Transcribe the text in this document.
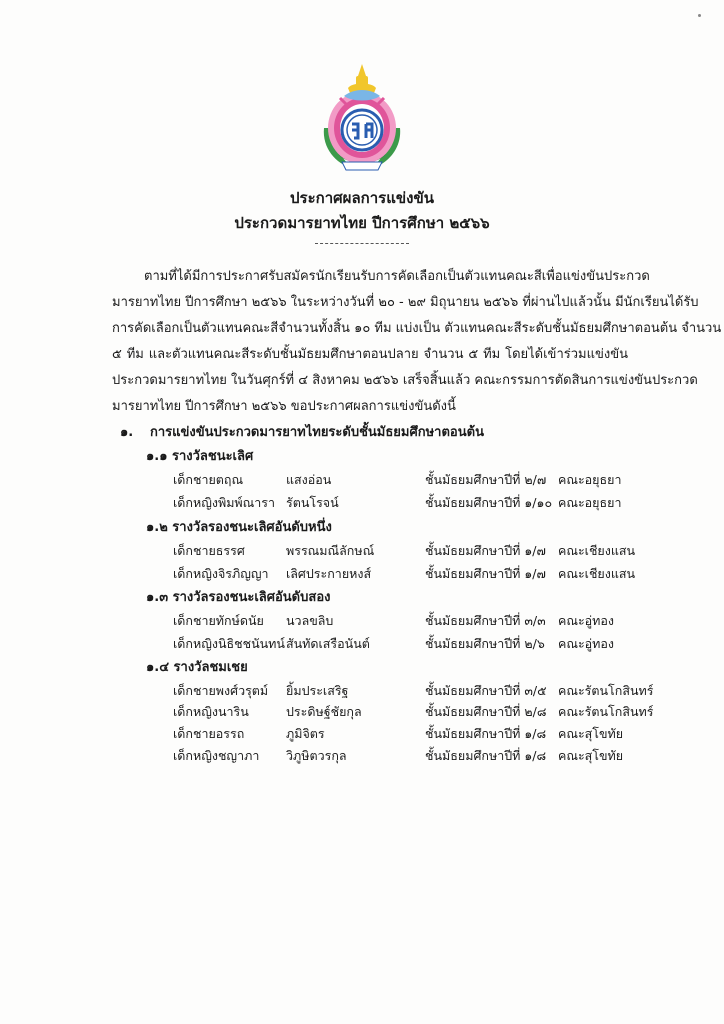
ประกาศผลการแข่งขัน
ประกวดมารยาทไทย ปีการศึกษา ๒๕๖๖

ตามที่ได้มีการประกาศรับสมัครนักเรียนรับการคัดเลือกเป็นตัวแทนคณะสีเพื่อแข่งขันประกวด

มารยาทไทย ปีการศึกษา ๒๕๖๖ ในระหว่างวันที่ ๒๐ - ๒๙ มิถุนายน ๒๕๖๖ ที่ผ่านไปแล้วนั้น มีนักเรียนได้รับ

การคัดเลือกเป็นตัวแทนคณะสีจำนวนทั้งสิ้น ๑๐ ทีม แบ่งเป็น ตัวแทนคณะสีระดับชั้นมัธยมศึกษาตอนต้น จำนวน

๕ ทีม และตัวแทนคณะสีระดับชั้นมัธยมศึกษาตอนปลาย จำนวน ๕ ทีม โดยได้เข้าร่วมแข่งขัน

ประกวดมารยาทไทย ในวันศุกร์ที่ ๔ สิงหาคม ๒๕๖๖ เสร็จสิ้นแล้ว คณะกรรมการตัดสินการแข่งขันประกวด

มารยาทไทย ปีการศึกษา ๒๕๖๖ ขอประกาศผลการแข่งขันดังนี้

๑. การแข่งขันประกวดมารยาทไทยระดับชั้นมัธยมศึกษาตอนต้น
๑.๑ รางวัลชนะเลิศ
เด็กชายตฤณ	แสงอ่อน	ชั้นมัธยมศึกษาปีที่ ๒/๗ คณะอยุธยา
เด็กหญิงพิมพ์ณารา รัตนโรจน์	ชั้นมัธยมศึกษาปีที่ ๑/๑๐ คณะอยุธยา
๑.๒ รางวัลรองชนะเลิศอันดับหนึ่ง
เด็กชายธรรศ	พรรณมณีลักษณ์	ชั้นมัธยมศึกษาปีที่ ๑/๗ คณะเชียงแสน
เด็กหญิงจิรภิญญา เลิศประกายหงส์	ชั้นมัธยมศึกษาปีที่ ๑/๗ คณะเชียงแสน
๑.๓ รางวัลรองชนะเลิศอันดับสอง
เด็กชายทักษ์ดนัย นวลขลิบ	ชั้นมัธยมศึกษาปีที่ ๓/๓ คณะอู่ทอง
เด็กหญิงนิธิชชนันทน์ สันทัดเสรือนันต์	ชั้นมัธยมศึกษาปีที่ ๒/๖ คณะอู่ทอง
๑.๔ รางวัลชมเชย
เด็กชายพงศ์วรุตม์ ยิ้มประเสริฐ	ชั้นมัธยมศึกษาปีที่ ๓/๕ คณะรัตนโกสินทร์
เด็กหญิงนาริน	ประดิษฐ์ชัยกุล	ชั้นมัธยมศึกษาปีที่ ๒/๘ คณะรัตนโกสินทร์
เด็กชายอรรถ	ภูมิจิตร	ชั้นมัธยมศึกษาปีที่ ๑/๘ คณะสุโขทัย
เด็กหญิงชญาภา วิภูษิตวรกุล	ชั้นมัธยมศึกษาปีที่ ๑/๘ คณะสุโขทัย
